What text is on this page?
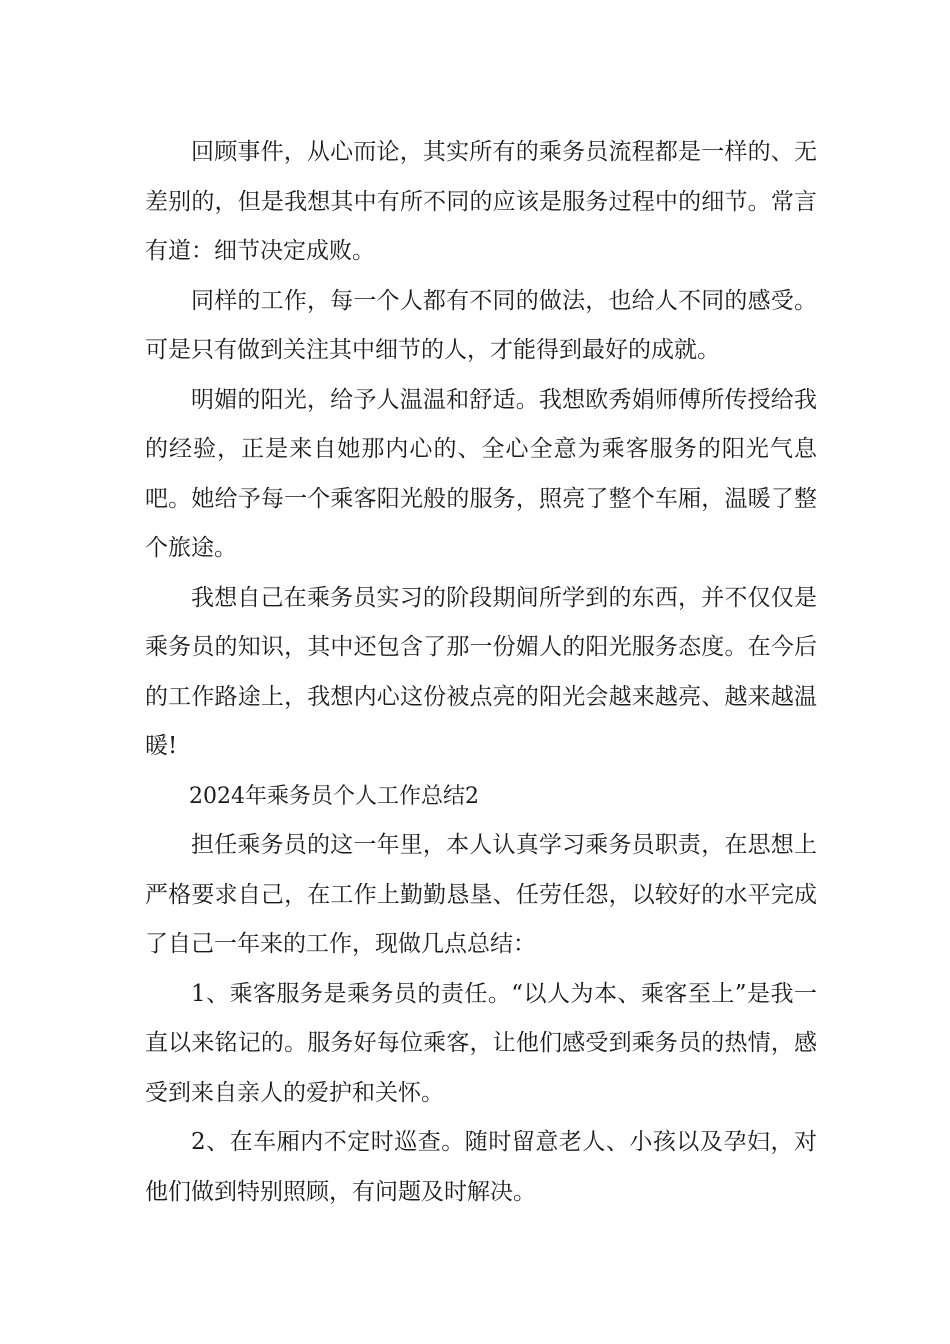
回顾事件，从心而论，其实所有的乘务员流程都是一样的、无差别的，但是我想其中有所不同的应该是服务过程中的细节。常言有道：细节决定成败。

同样的工作，每一个人都有不同的做法，也给人不同的感受。可是只有做到关注其中细节的人，才能得到最好的成就。

明媚的阳光，给予人温温和舒适。我想欧秀娟师傅所传授给我的经验，正是来自她那内心的、全心全意为乘客服务的阳光气息吧。她给予每一个乘客阳光般的服务，照亮了整个车厢，温暖了整个旅途。

我想自己在乘务员实习的阶段期间所学到的东西，并不仅仅是乘务员的知识，其中还包含了那一份媚人的阳光服务态度。在今后的工作路途上，我想内心这份被点亮的阳光会越来越亮、越来越温暖!

2024年乘务员个人工作总结2

担任乘务员的这一年里，本人认真学习乘务员职责，在思想上严格要求自己，在工作上勤勤恳垦、任劳任怨，以较好的水平完成了自己一年来的工作，现做几点总结：

1、乘客服务是乘务员的责任。“以人为本、乘客至上”是我一直以来铭记的。服务好每位乘客，让他们感受到乘务员的热情，感受到来自亲人的爱护和关怀。

2、在车厢内不定时巡查。随时留意老人、小孩以及孕妇，对他们做到特别照顾，有问题及时解决。
